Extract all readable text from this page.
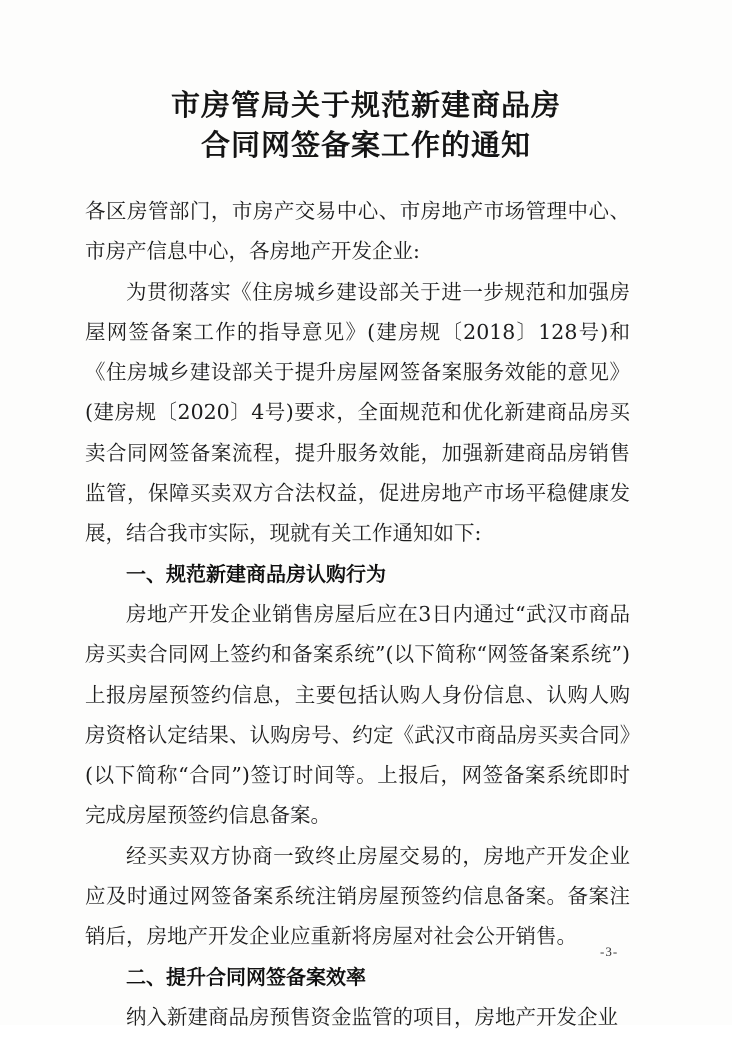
市房管局关于规范新建商品房
合同网签备案工作的通知

各区房管部门，市房产交易中心、市房地产市场管理中心、市房产信息中心，各房地产开发企业:

为贯彻落实《住房城乡建设部关于进一步规范和加强房屋网签备案工作的指导意见》(建房规〔2018〕128号)和《住房城乡建设部关于提升房屋网签备案服务效能的意见》(建房规〔2020〕4号)要求，全面规范和优化新建商品房买卖合同网签备案流程，提升服务效能，加强新建商品房销售监管，保障买卖双方合法权益，促进房地产市场平稳健康发展，结合我市实际，现就有关工作通知如下:

一、规范新建商品房认购行为

房地产开发企业销售房屋后应在3日内通过“武汉市商品房买卖合同网上签约和备案系统”(以下简称“网签备案系统”)上报房屋预签约信息，主要包括认购人身份信息、认购人购房资格认定结果、认购房号、约定《武汉市商品房买卖合同》(以下简称“合同”)签订时间等。上报后，网签备案系统即时完成房屋预签约信息备案。

经买卖双方协商一致终止房屋交易的，房地产开发企业应及时通过网签备案系统注销房屋预签约信息备案。备案注销后，房地产开发企业应重新将房屋对社会公开销售。

二、提升合同网签备案效率

纳入新建商品房预售资金监管的项目，房地产开发企业

-3-
